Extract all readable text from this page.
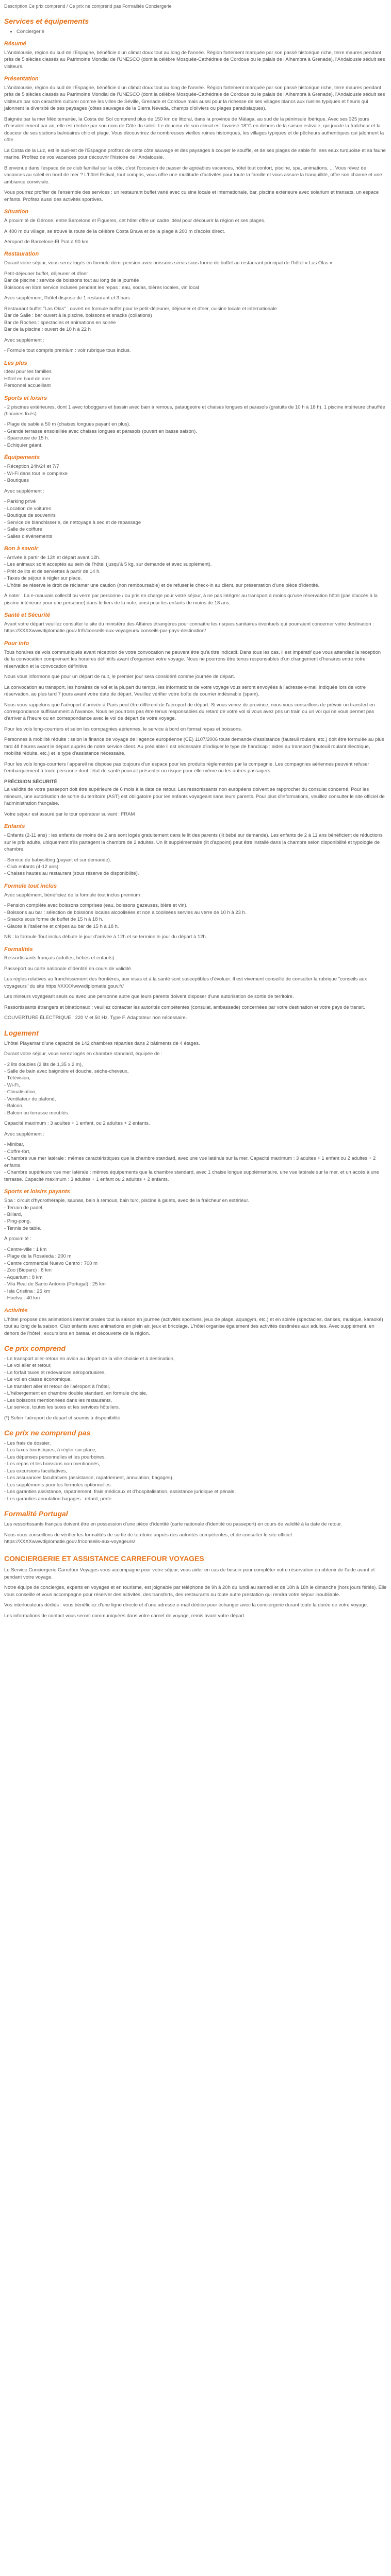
Description Ce prix comprend / Ce prix ne comprend pas Formalités Conciergerie

Services et équipements
• Conciergerie
Résumé

L'Andalousie, région du sud de l'Espagne, bénéficie d'un climat doux tout au long de l'année. Région fortement marquée par son passé historique riche, terre maures pendant près de 5 siècles classés au Patrimoine Mondial de l'UNESCO (dont la célèbre Mosquée-Cathédrale de Cordoue ou le palais de l'Alhambra à Grenade), l'Andalousie séduit ses visiteurs.

Présentation

L'Andalousie, région du sud de l'Espagne, bénéficie d'un climat doux tout au long de l'année. Région fortement marquée par son passé historique riche, terre maures pendant près de 5 siècles classés au Patrimoine Mondial de l'UNESCO (dont la célèbre Mosquée-Cathédrale de Cordoue ou le palais de l'Alhambra à Grenade), l'Andalousie séduit ses visiteurs par son caractère culturel comme les villes de Séville, Grenade et Cordoue mais aussi pour la richesse de ses villages blancs aux ruelles typiques et fleuris qui jalonnent la diversité de ses paysages (côtes sauvages de la Sierra Nevada, champs d'oliviers ou plages paradisiaques).

Baignée par la mer Méditerranée, la Costa del Sol comprend plus de 150 km de littoral, dans la province de Málaga, au sud de la péninsule Ibérique. Avec ses 325 jours d'ensoleillement par an, elle est réchée par son nom de Côte du soleil. Le douceur de son climat est favorisé 18°C en dehors de la saison estivale, qui jouxte la fraîcheur et la douceur de ses stations balnéaires chic et plage. Vous découvrirez de nombreuses vieilles ruines historiques, les villages typiques et de pêcheurs authentiques qui jalonnent la côte.

La Costa de la Luz, est le sud-est de l'Espagne profitez de cette côte sauvage et des paysages à couper le souffle, et de ses plages de sable fin, ses eaux turquoise et sa faune marine. Profitez de vos vacances pour découvrir l'histoire de l'Andalousie.

Bienvenue dans l'espace de ce club familial sur la côte, c'est l'occasion de passer de agréables vacances, hôtel tout confort, piscine, spa, animations, ... Vous rêvez de vacances au soleil en bord de mer ? L'hôtel Estival, tout compris, vous offre une multitude d'activités pour toute la famille et vous assure la tranquillité, offre son charme et une ambiance conviviale.

Vous pourrez profiter de l'ensemble des services : un restaurant buffet varié avec cuisine locale et internationale, bar, piscine extérieure avec solarium et transats, un espace enfants. Profitez aussi des activités sportives.

Situation

À proximité de Gérone, entre Barcelone et Figueres, cet hôtel offre un cadre idéal pour découvrir la région et ses plages.

À 400 m du village, se trouve la route de la célèbre Costa Brava et de la plage à 200 m d'accès direct.

Aéroport de Barcelone-El Prat à 90 km.

Restauration

Durant votre séjour, vous serez logés en formule demi-pension avec boissons servis sous forme de buffet au restaurant principal de l'hôtel « Las Olas ».

Petit-déjeuner buffet, déjeuner et dîner
Bar de piscine : service de boissons tout au long de la journée
Boissons en libre service incluses pendant les repas : eau, sodas, bières locales, vin local

Avec supplément, l'hôtel dispose de 1 restaurant et 3 bars :

Restaurant buffet "Las Olas" : ouvert en formule buffet pour le petit-déjeuner, déjeuner et dîner, cuisine locale et internationale
Bar de Salle : bar ouvert à la piscine, boissons et snacks (collations)
Bar de Roches : spectacles et animations en soirée
Bar de la piscine : ouvert de 10 h à 22 h

Avec supplément :

- Formule tout compris premium : voir rubrique tous inclus.

Les plus
Idéal pour les familles
Hôtel en bord de mer
Personnel accueillant
Sports et loisirs

- 2 piscines extérieures, dont 1 avec toboggans et bassin avec bain à remous, pataugeoire et chaises longues et parasols (gratuits de 10 h à 18 h). 1 piscine intérieure chauffée (horaires fixés).

- Plage de sable à 50 m (chaises longues payant en plus).
- Grande terrasse ensoleillée avec chaises longues et parasols (ouvert en basse saison).
- Spacieuse de 15 h.
- Échiquier géant.
Équipements
- Réception 24h/24 et 7/7
- Wi-Fi dans tout le complexe
- Boutiques

Avec supplément :

- Parking privé
- Location de voitures
- Boutique de souvenirs
- Service de blanchisserie, de nettoyage à sec et de repassage
- Salle de coiffure
- Salles d'événements
Bon à savoir
- Arrivée à partir de 12h et départ avant 12h.
- Les animaux sont acceptés au sein de l'hôtel (jusqu'à 5 kg, sur demande et avec supplément).
- Prêt de lits et de serviettes à partir de 14 h.
- Taxes de séjour à régler sur place.
- L'hôtel se réserve le droit de réclamer une caution (non remboursable) et de refuser le check-in au client, sur présentation d'une pièce d'identité.

À noter : La e-mauvais collectif ou verre par personne / ou pris en charge pour votre séjour, à ne pas intégrer au transport à moins qu'une réservation hôtel (pas d'accès à la piscine intérieure pour une personne) dans le tiers de la note, ainsi pour les enfants de moins de 18 ans.

Santé et Sécurité

Avant votre départ veuillez consulter le site du ministère des Affaires étrangères pour connaître les risques sanitaires éventuels qui pourraient concerner votre destination : https://XXXXwwwdiplomatie.gouv.fr/fr/conseils-aux-voyageurs/ conseils-par-pays-destination/

Pour info

Tous horaires de vols communiqués avant réception de votre convocation ne peuvent être qu'à titre indicatif. Dans tous les cas, il est impératif que vous attendiez la réception de la convocation comprenant les horaires définitifs avant d'organiser votre voyage. Nous ne pourrons être tenus responsables d'un changement d'horaires entre votre réservation et la convocation définitive.

Nous vous informons que pour un départ de nuit, le premier jour sera considéré comme journée de départ.

La convocation au transport, les horaires de vol et la plupart du temps, les informations de votre voyage vous seront envoyées à l'adresse e-mail indiquée lors de votre réservation, au plus tard 7 jours avant votre date de départ. Veuillez vérifier votre boîte de courrier indésirable (spam).

Nous vous rappelons que l'aéroport d'arrivée à Paris peut être différent de l'aéroport de départ. Si vous venez de province, nous vous conseillons de prévoir un transfert en correspondance suffisamment à l'avance. Nous ne pourrons pas être tenus responsables du retard de votre vol si vous avez pris un train ou un vol qui ne vous permet pas d'arriver à l'heure ou en correspondance avec le vol de départ de votre voyage.

Pour les vols long-courriers et selon les compagnies aériennes, le service à bord en format repas et boissons.

Personnes à mobilité réduite : selon la finance de voyage de l'agence européenne (CE) 1107/2006 toute demande d'assistance (fauteuil roulant, etc.) doit être formulée au plus tard 48 heures avant le départ auprès de notre service client. Au préalable il est nécessaire d'indiquer le type de handicap : aides au transport (fauteuil roulant électrique, mobilité réduite, etc.) et le type d'assistance nécessaire.

Pour les vols longs-courriers l'appareil ne dispose pas toujours d'un espace pour les produits réglementés par la compagnie. Les compagnies aériennes peuvent refuser l'embarquement à toute personne dont l'état de santé pourrait présenter un risque pour elle-même ou les autres passagers.

PRÉCISION SÉCURITÉ

La validité de votre passeport doit être supérieure de 6 mois à la date de retour. Les ressortissants non européens doivent se rapprocher du consulat concerné. Pour les mineurs, une autorisation de sortie du territoire (AST) est obligatoire pour les enfants voyageant sans leurs parents. Pour plus d'informations, veuillez consulter le site officiel de l'administration française.

Votre séjour est assuré par le tour opérateur suivant : FRAM

Enfants

- Enfants (2-11 ans) : les enfants de moins de 2 ans sont logés gratuitement dans le lit des parents (lit bébé sur demande). Les enfants de 2 à 11 ans bénéficient de réductions sur le prix adulte, uniquement s'ils partagent la chambre de 2 adultes. Un lit supplémentaire (lit d'appoint) peut être installé dans la chambre selon disponibilité et typologie de chambre.

- Service de babysitting (payant et sur demande).
- Club enfants (4-12 ans).
- Chaises hautes au restaurant (sous réserve de disponibilité).
Formule tout inclus

Avec supplément, bénéficiez de la formule tout inclus premium :

- Pension complète avec boissons comprises (eau, boissons gazeuses, bière et vin).
- Boissons au bar : sélection de boissons locales alcoolisées et non alcoolisées servies au verre de 10 h à 23 h.
- Snacks sous forme de buffet de 15 h à 18 h.
- Glaces à l'italienne et crêpes au bar de 15 h à 18 h.

NB : la formule Tout inclus débute le jour d'arrivée à 12h et se termine le jour du départ à 12h.

Formalités

Ressortissants français (adultes, bébés et enfants) :

Passeport ou carte nationale d'identité en cours de validité.

Les règles relatives au franchissement des frontières, aux visas et à la santé sont susceptibles d'évoluer. Il est vivement conseillé de consulter la rubrique "conseils aux voyageurs" du site https://XXXXwwwdiplomatie.gouv.fr/

Les mineurs voyageant seuls ou avec une personne autre que leurs parents doivent disposer d'une autorisation de sortie de territoire.

Ressortissants étrangers et binationaux : veuillez contacter les autorités compétentes (consulat, ambassade) concernées par votre destination et votre pays de transit.

COUVERTURE ÉLECTRIQUE : 220 V et 50 Hz. Type F. Adaptateur non nécessaire.

Logement

L'hôtel Playamar d'une capacité de 142 chambres réparties dans 2 bâtiments de 4 étages.

Durant votre séjour, vous serez logés en chambre standard, équipée de :

- 2 lits doubles (2 lits de 1,35 x 2 m),
- Salle de bain avec baignoire et douche, sèche-cheveux,
- Télévision,
- Wi-Fi,
- Climatisation,
- Ventilateur de plafond,
- Balcon,
- Balcon ou terrasse meublés.

Capacité maximum : 3 adultes + 1 enfant, ou 2 adultes + 2 enfants.

Avec supplément :

- Minibar,
- Coffre-fort,
- Chambre vue mer latérale : mêmes caractéristiques que la chambre standard, avec une vue latérale sur la mer. Capacité maximum : 3 adultes + 1 enfant ou 2 adultes + 2 enfants.
- Chambre supérieure vue mer latérale : mêmes équipements que la chambre standard, avec 1 chaise longue supplémentaire, une vue latérale sur la mer, et un accès à une terrasse. Capacité maximum : 3 adultes + 1 enfant ou 2 adultes + 2 enfants.
Sports et loisirs payants
Spa : circuit d'hydrothérapie, saunas, bain à remous, bain turc, piscine à galets, avec de la fraîcheur en extérieur.
- Terrain de padel,
- Billard,
- Ping-pong,
- Tennis de table.

À proximité :

- Centre-ville : 1 km
- Plage de la Rosaleda : 200 m
- Centre commercial Nuevo Centro : 700 m
- Zoo (Bioparc) : 8 km
- Aquarium : 8 km
- Vila Real de Santo Antonio (Portugal) : 25 km
- Isla Cristina : 25 km
- Huelva : 40 km
Activités

L'hôtel propose des animations internationales tout la saison en journée (activités sportives, jeux de plage, aquagym, etc.) et en soirée (spectacles, danses, musique, karaoké) tout au long de la saison. Club enfants avec animations en plein air, jeux et bricolage. L'hôtel organise également des activités destinées aux adultes. Avec supplément, en dehors de l'hôtel : excursions en bateau et découverte de la région.

Ce prix comprend
- Le transport aller-retour en avion au départ de la ville choisie et à destination,
- Le vol aller et retour,
- Le forfait taxes et redevances aéroportuaires,
- Le vol en classe économique,
- Le transfert aller et retour de l'aéroport à l'hôtel,
- L'hébergement en chambre double standard, en formule choisie,
- Les boissons mentionnées dans les restaurants,
- Le service, toutes les taxes et les services hôteliers.

(*) Selon l'aéroport de départ et soumis à disponibilité.

Ce prix ne comprend pas
- Les frais de dossier,
- Les taxes touristiques, à régler sur place,
- Les dépenses personnelles et les pourboires,
- Les repas et les boissons non mentionnés,
- Les excursions facultatives,
- Les assurances facultatives (assistance, rapatriement, annulation, bagages),
- Les suppléments pour les formules optionnelles.
- Les garanties assistance, rapatriement, frais médicaux et d'hospitalisation, assistance juridique et pénale.
- Les garanties annulation bagages : retard, perte.
Formalité Portugal

Les ressortissants français doivent être en possession d'une pièce d'identité (carte nationale d'identité ou passeport) en cours de validité à la date de retour.

Nous vous conseillons de vérifier les formalités de sortie de territoire auprès des autorités compétentes, et de consulter le site officiel : https://XXXXwwwdiplomatie.gouv.fr/conseils-aux-voyageurs/

CONCIERGERIE ET ASSISTANCE CARREFOUR VOYAGES

Le Service Conciergerie Carrefour Voyages vous accompagne pour votre séjour, vous aider en cas de besoin pour compléter votre réservation ou obtenir de l'aide avant et pendant votre voyage.

Notre équipe de concierges, experts en voyages et en tourisme, est joignable par téléphone de 9h à 20h du lundi au samedi et de 10h à 18h le dimanche (hors jours fériés). Elle vous conseille et vous accompagne pour réserver des activités, des transferts, des restaurants ou toute autre prestation qui rendra votre séjour inoubliable.

Vos interlocuteurs dédiés : vous bénéficiez d'une ligne directe et d'une adresse e-mail dédiée pour échanger avec la conciergerie durant toute la durée de votre voyage.

Les informations de contact vous seront communiquées dans votre carnet de voyage, remis avant votre départ.
